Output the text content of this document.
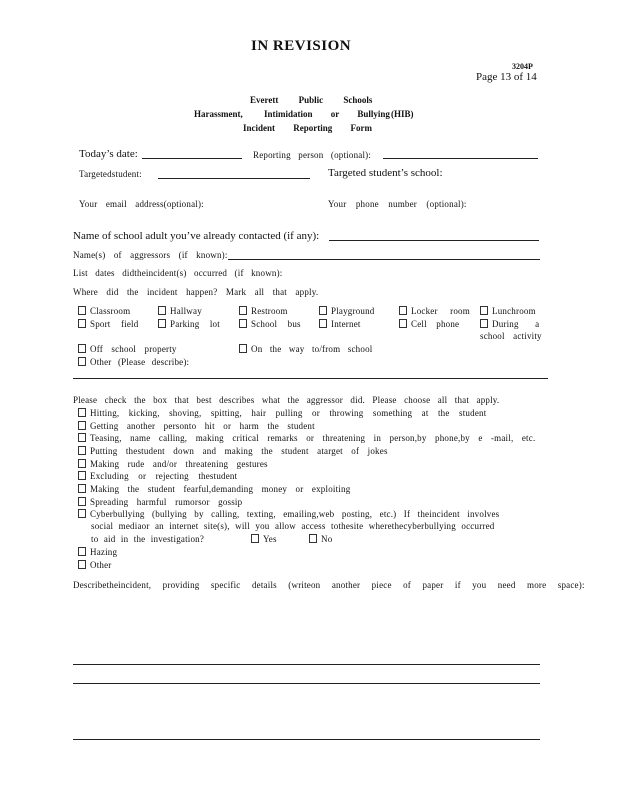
IN REVISION
3204P
Page 13 of 14
Everett Public Schools
Harassment, Intimidation or Bullying (HIB)
Incident Reporting Form
Today’s date:	Reporting person (optional):
Targetedstudent:	Targeted student’s school:
Your email address(optional):	Your phone number (optional):
Name of school adult you’ve already contacted (if any):
Name(s) of aggressors (if known):
List dates didtheincident(s) occurred (if known):
Where did the incident happen? Mark all that apply.
Classroom	Hallway	Restroom	Playground	Locker room	Lunchroom
Sport field	Parking lot	School bus	Internet	Cell phone	During a
school activity
Off school property	On the way to/from school
Other (Please describe):
Please check the box that best describes what the aggressor did. Please choose all that apply.
Hitting, kicking, shoving, spitting, hair pulling or throwing something at the student
Getting another personto hit or harm the student
Teasing, name calling, making critical remarks or threatening in person,by phone,by e -mail, etc.
Putting thestudent down and making the student atarget of jokes
Making rude and/or threatening gestures
Excluding or rejecting thestudent
Making the student fearful,demanding money or exploiting
Spreading harmful rumorsor gossip
Cyberbullying (bullying by calling, texting, emailing,web posting, etc.) If theincident involves
social mediaor an internet site(s), will you allow access tothesite wherethecyberbullying occurred
to aid in the investigation?	Yes	No
Hazing
Other
Describetheincident, providing specific details (writeon another piece of paper if you need more space):
